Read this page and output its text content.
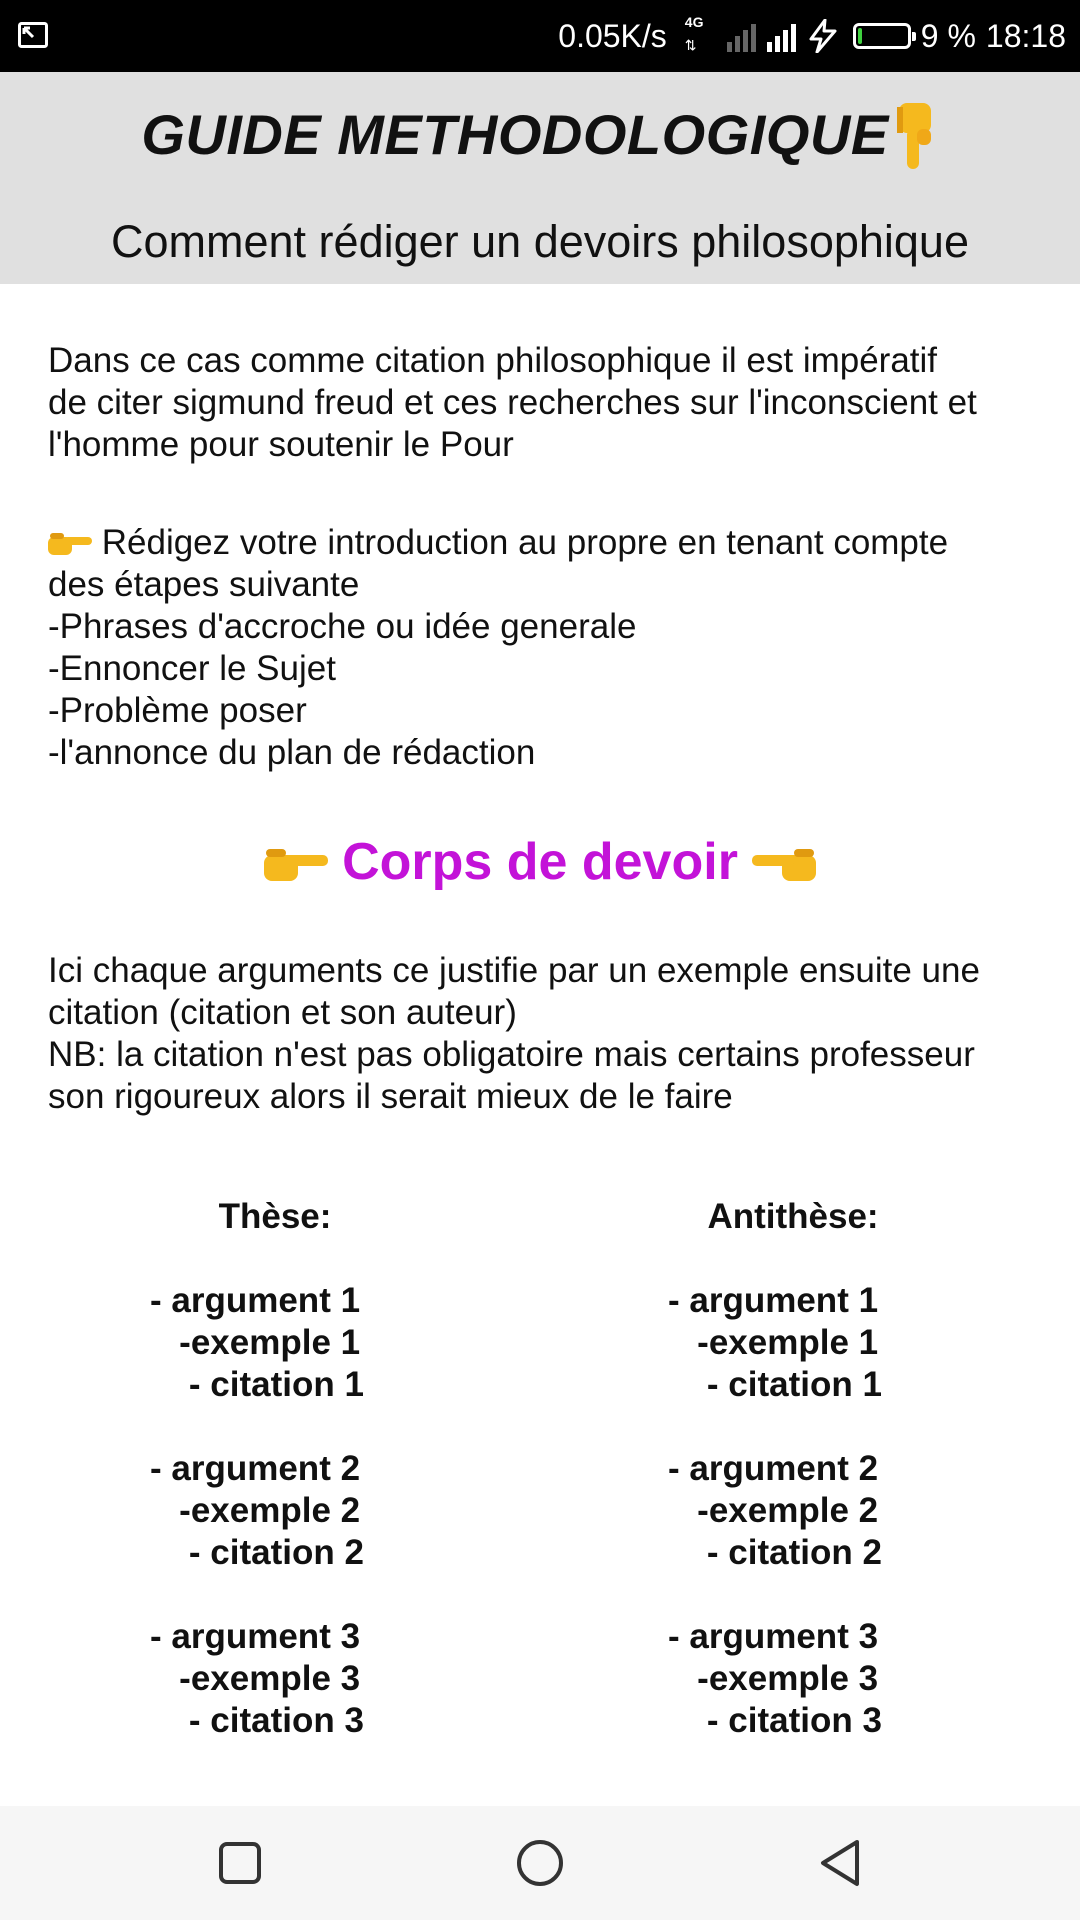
0.05K/s 4G
⇅	9 % 18:18
GUIDE METHODOLOGIQUE
Comment rédiger un devoirs philosophique
Dans ce cas comme citation philosophique il est impératif
de citer sigmund freud et ces recherches sur l'inconscient et
l'homme pour soutenir le Pour
Rédigez votre introduction au propre en tenant compte
des étapes suivante
-Phrases d'accroche ou idée generale
-Ennoncer le Sujet
-Problème poser
-l'annonce du plan de rédaction
Corps de devoir
Ici chaque arguments ce justifie par un exemple ensuite une
citation (citation et son auteur)
NB: la citation n'est pas obligatoire mais certains professeur
son rigoureux alors il serait mieux de le faire
Thèse:
- argument 1
-exemple 1
- citation 1
- argument 2
-exemple 2
- citation 2
- argument 3
-exemple 3
- citation 3
Antithèse:
- argument 1
-exemple 1
- citation 1
- argument 2
-exemple 2
- citation 2
- argument 3
-exemple 3
- citation 3
